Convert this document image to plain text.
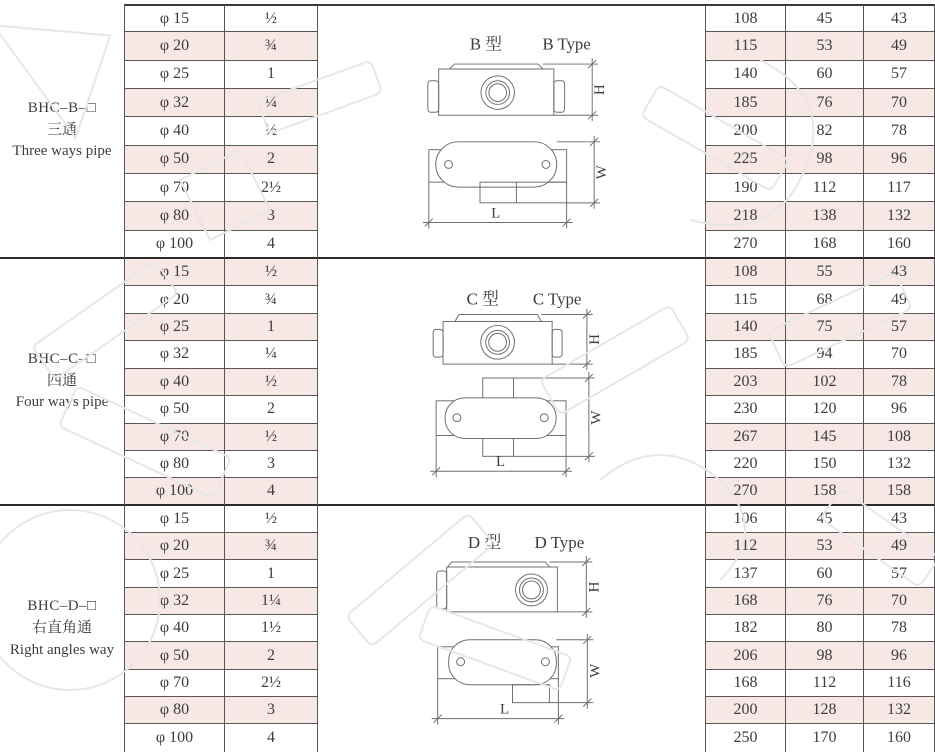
BHC–B–□
三通
Three ways pipe
B 型 B Type
H
W
L
BHC–C–□
四通
Four ways pipe
C 型 C Type
H
W
L
BHC–D–□
右直角通
Right angles way
D 型 D Type
H
W
L
φ 15	½	108	45	43
φ 20	¾	115	53	49
φ 25	1	140	60	57
φ 32	¼	185	76	70
φ 40	½	200	82	78
φ 50	2	225	98	96
φ 70	2½	190	112	117
φ 80	3	218	138	132
φ 100	4	270	168	160
φ 15	½	108	55	43
φ 20	¾	115	68	49
φ 25	1	140	75	57
φ 32	¼	185	94	70
φ 40	½	203	102	78
φ 50	2	230	120	96
φ 70	½	267	145	108
φ 80	3	220	150	132
φ 100	4	270	158	158
φ 15	½	106	45	43
φ 20	¾	112	53	49
φ 25	1	137	60	57
φ 32	1¼	168	76	70
φ 40	1½	182	80	78
φ 50	2	206	98	96
φ 70	2½	168	112	116
φ 80	3	200	128	132
φ 100	4	250	170	160
